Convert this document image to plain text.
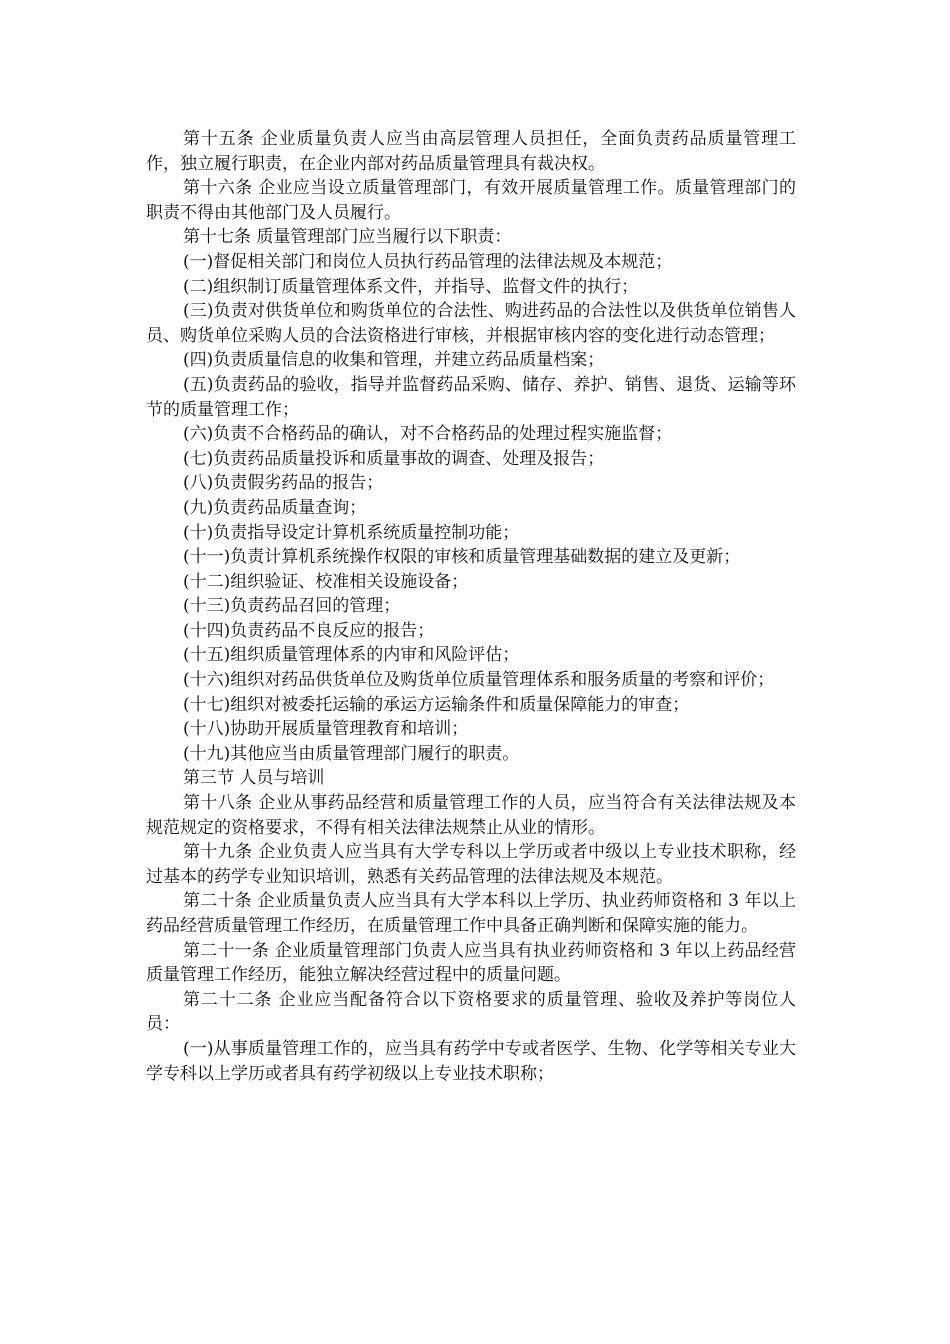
第十五条 企业质量负责人应当由高层管理人员担任，全面负责药品质量管理工作，独立履行职责，在企业内部对药品质量管理具有裁决权。

第十六条 企业应当设立质量管理部门，有效开展质量管理工作。质量管理部门的职责不得由其他部门及人员履行。

第十七条 质量管理部门应当履行以下职责：

(一)督促相关部门和岗位人员执行药品管理的法律法规及本规范；

(二)组织制订质量管理体系文件，并指导、监督文件的执行；

(三)负责对供货单位和购货单位的合法性、购进药品的合法性以及供货单位销售人员、购货单位采购人员的合法资格进行审核，并根据审核内容的变化进行动态管理；

(四)负责质量信息的收集和管理，并建立药品质量档案；

(五)负责药品的验收，指导并监督药品采购、储存、养护、销售、退货、运输等环节的质量管理工作；

(六)负责不合格药品的确认，对不合格药品的处理过程实施监督；

(七)负责药品质量投诉和质量事故的调查、处理及报告；

(八)负责假劣药品的报告；

(九)负责药品质量查询；

(十)负责指导设定计算机系统质量控制功能；

(十一)负责计算机系统操作权限的审核和质量管理基础数据的建立及更新；

(十二)组织验证、校准相关设施设备；

(十三)负责药品召回的管理；

(十四)负责药品不良反应的报告；

(十五)组织质量管理体系的内审和风险评估；

(十六)组织对药品供货单位及购货单位质量管理体系和服务质量的考察和评价；

(十七)组织对被委托运输的承运方运输条件和质量保障能力的审查；

(十八)协助开展质量管理教育和培训；

(十九)其他应当由质量管理部门履行的职责。

第三节 人员与培训

第十八条 企业从事药品经营和质量管理工作的人员，应当符合有关法律法规及本规范规定的资格要求，不得有相关法律法规禁止从业的情形。

第十九条 企业负责人应当具有大学专科以上学历或者中级以上专业技术职称，经过基本的药学专业知识培训，熟悉有关药品管理的法律法规及本规范。

第二十条 企业质量负责人应当具有大学本科以上学历、执业药师资格和 3 年以上药品经营质量管理工作经历，在质量管理工作中具备正确判断和保障实施的能力。

第二十一条 企业质量管理部门负责人应当具有执业药师资格和 3 年以上药品经营质量管理工作经历，能独立解决经营过程中的质量问题。

第二十二条 企业应当配备符合以下资格要求的质量管理、验收及养护等岗位人员：

(一)从事质量管理工作的，应当具有药学中专或者医学、生物、化学等相关专业大学专科以上学历或者具有药学初级以上专业技术职称；
